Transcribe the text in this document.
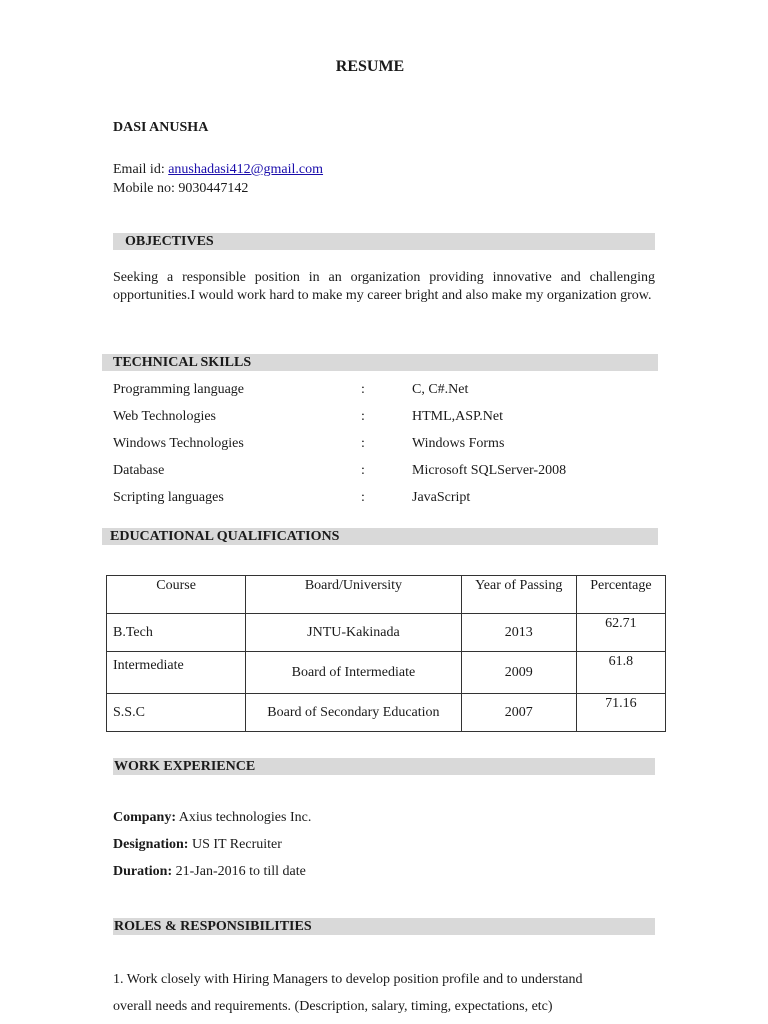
RESUME
DASI ANUSHA
Email id: anushadasi412@gmail.com
Mobile no: 9030447142
OBJECTIVES
Seeking a responsible position in an organization providing innovative and challenging opportunities.I would work hard to make my career bright and also make my organization grow.
TECHNICAL SKILLS
Programming language	:	C, C#.Net
Web Technologies	:	HTML,ASP.Net
Windows Technologies	:	Windows Forms
Database	:	Microsoft SQLServer-2008
Scripting languages	:	JavaScript
EDUCATIONAL QUALIFICATIONS
Course	Board/University	Year of Passing	Percentage
B.Tech	JNTU-Kakinada	2013	62.71
Intermediate	Board of Intermediate	2009	61.8
S.S.C	Board of Secondary Education	2007	71.16
WORK EXPERIENCE
Company: Axius technologies Inc.
Designation: US IT Recruiter
Duration: 21-Jan-2016 to till date
ROLES & RESPONSIBILITIES
1. Work closely with Hiring Managers to develop position profile and to understand
overall needs and requirements. (Description, salary, timing, expectations, etc)
